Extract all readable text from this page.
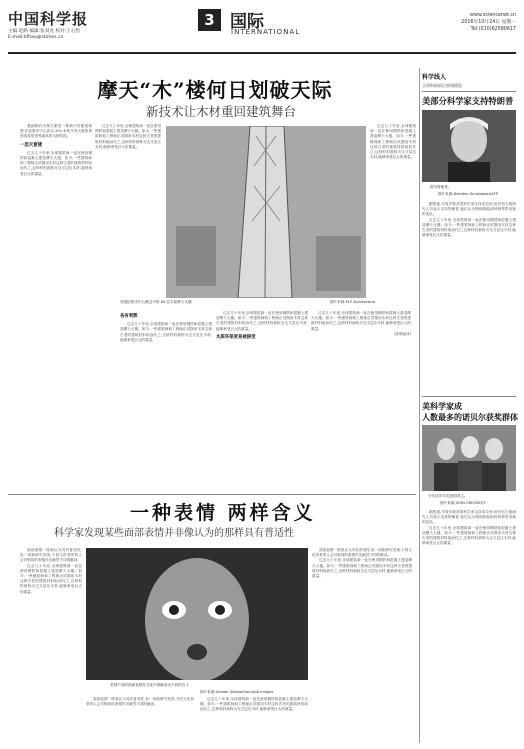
中国科学报
主编:赵路 编辑:张双虎 校对:王心怡
E-mail:kfhao@stimes.cn
3 国际
INTERNATIONAL
www.sciencenet.cn
2016年10月24日 星期一
Tel:(010)62580617
摩天“木”楼何日划破天际
新技术让木材重回建筑舞台

漫画般的木制大厦是一种新兴的建筑构想,在伦敦市中心高达 300 米的木塔大厦如果建成将是世界最高的木制结构。

一层天意楼

过去几十年里,全球建筑商一直在使用钢铁和混凝土建造摩天大楼。如今,一些建筑师和工程师正试图用木材这种古老的建筑材料取而代之,这种材料被称为交叉层压木材,能够承受巨大的重量。

过去几十年里,全球建筑商一直在使用钢铁和混凝土建造摩天大楼。如今,一些建筑师和工程师正试图用木材这种古老的建筑材料取而代之,这种材料被称为交叉层压木材,能够承受巨大的重量。

英国伦敦市中心概念中的 80 层木质摩天大楼	图片来源:PLP Architecture
各有利弊

过去几十年里,全球建筑商一直在使用钢铁和混凝土建造摩天大楼。如今,一些建筑师和工程师正试图用木材这种古老的建筑材料取而代之,这种材料被称为交叉层压木材,能够承受巨大的重量。

过去几十年里,全球建筑商一直在使用钢铁和混凝土建造摩天大楼。如今,一些建筑师和工程师正试图用木材这种古老的建筑材料取而代之,这种材料被称为交叉层压木材,能够承受巨大的重量。

木质环保更易被接受

过去几十年里,全球建筑商一直在使用钢铁和混凝土建造摩天大楼。如今,一些建筑师和工程师正试图用木材这种古老的建筑材料取而代之,这种材料被称为交叉层压木材,能够承受巨大的重量。

(张章编译)

过去几十年里,全球建筑商一直在使用钢铁和混凝土建造摩天大楼。如今,一些建筑师和工程师正试图用木材这种古老的建筑材料取而代之,这种材料被称为交叉层压木材,能够承受巨大的重量。

科学线人
全球科研前沿要闻精选
美部分科学家支持特朗普
图为特朗普。
图片来源:Brendan Smialowski/AFP

据报道,尽管多数美国科学家支持希拉里,但仍有少数研究人员表示支持特朗普,他们认为特朗普能给科研界带来新的变化。

过去几十年里,全球建筑商一直在使用钢铁和混凝土建造摩天大楼。如今,一些建筑师和工程师正试图用木材这种古老的建筑材料取而代之,这种材料被称为交叉层压木材,能够承受巨大的重量。

美科学家成
人数最多的诺贝尔获奖群体
今年诺贝尔奖美国得主。
图片来源:JOHN GRESSKY/T

据报道,尽管多数美国科学家支持希拉里,但仍有少数研究人员表示支持特朗普,他们认为特朗普能给科研界带来新的变化。

过去几十年里,全球建筑商一直在使用钢铁和混凝土建造摩天大楼。如今,一些建筑师和工程师正试图用木材这种古老的建筑材料取而代之,这种材料被称为交叉层压木材,能够承受巨大的重量。

一种表情 两样含义
科学家发现某些面部表情并非像认为的那样具有普适性

面部表情一度被认为具有普适性,但一项新研究发现,不同文化背景的人会对相同的表情作出截然不同的解读。

过去几十年里,全球建筑商一直在使用钢铁和混凝土建造摩天大楼。如今,一些建筑师和工程师正试图用木材这种古老的建筑材料取而代之,这种材料被称为交叉层压木材,能够承受巨大的重量。

美国不同的面部表情在文化中被解读出不同的含义
图片来源:Gender Sibanathan/Asia Images

面部表情一度被认为具有普适性,但一项新研究发现,不同文化背景的人会对相同的表情作出截然不同的解读。

过去几十年里,全球建筑商一直在使用钢铁和混凝土建造摩天大楼。如今,一些建筑师和工程师正试图用木材这种古老的建筑材料取而代之,这种材料被称为交叉层压木材,能够承受巨大的重量。

面部表情一度被认为具有普适性,但一项新研究发现,不同文化背景的人会对相同的表情作出截然不同的解读。

过去几十年里,全球建筑商一直在使用钢铁和混凝土建造摩天大楼。如今,一些建筑师和工程师正试图用木材这种古老的建筑材料取而代之,这种材料被称为交叉层压木材,能够承受巨大的重量。
